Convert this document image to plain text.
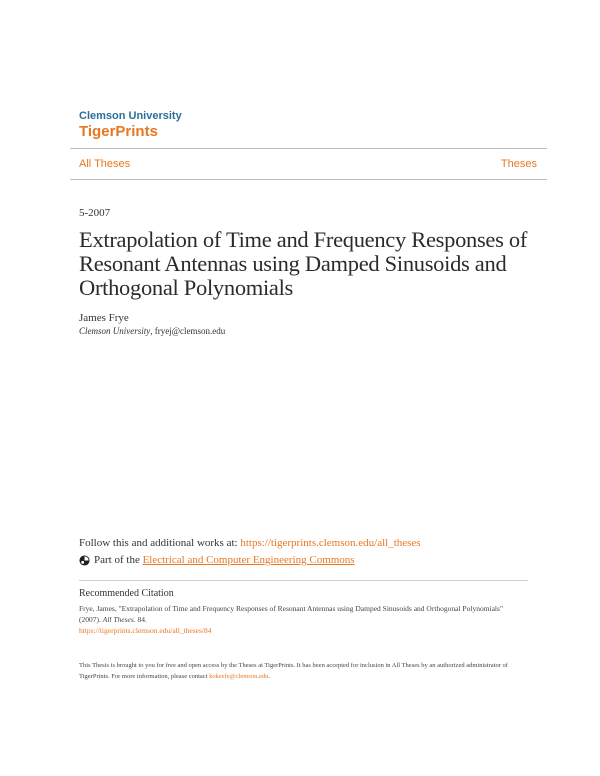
Clemson University
TigerPrints
All Theses	Theses
5-2007
Extrapolation of Time and Frequency Responses of Resonant Antennas using Damped Sinusoids and Orthogonal Polynomials
James Frye
Clemson University, fryej@clemson.edu
Follow this and additional works at: https://tigerprints.clemson.edu/all_theses
Part of the
Electrical and Computer Engineering Commons
Recommended Citation
Frye, James, "Extrapolation of Time and Frequency Responses of Resonant Antennas using Damped Sinusoids and Orthogonal Polynomials" (2007). All Theses. 84.
https://tigerprints.clemson.edu/all_theses/84
This Thesis is brought to you for free and open access by the Theses at TigerPrints. It has been accepted for inclusion in All Theses by an authorized administrator of TigerPrints. For more information, please contact kokeefe@clemson.edu.
